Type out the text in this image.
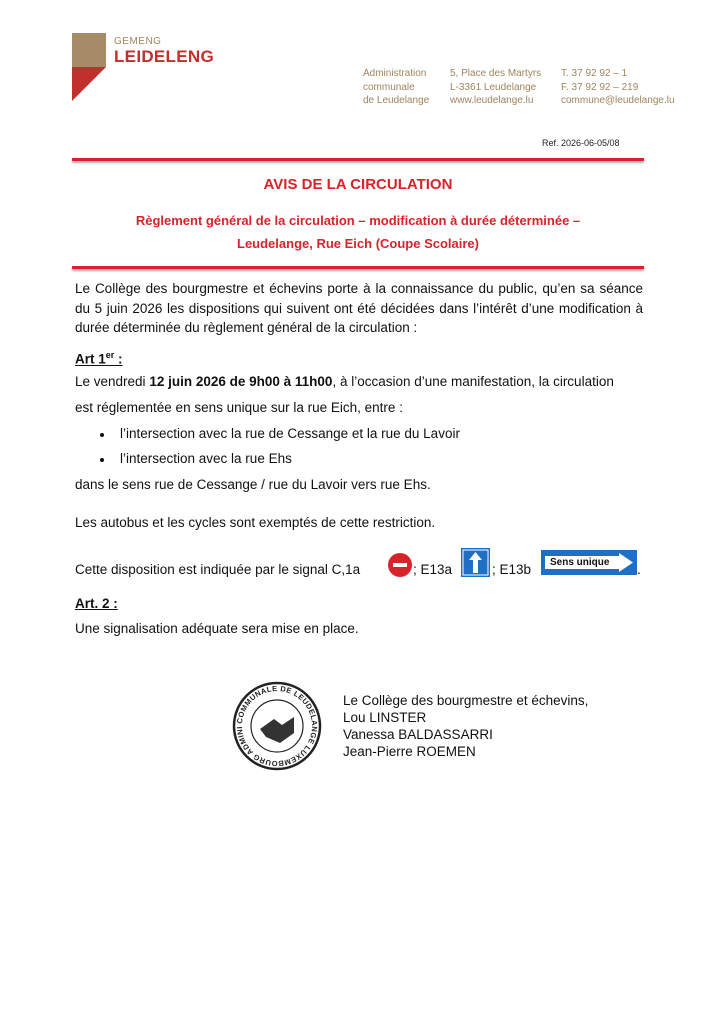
GEMENG
LEIDELENG
Administration
communale
de Leudelange
5, Place des Martyrs
L-3361 Leudelange
www.leudelange.lu
T. 37 92 92 – 1
F. 37 92 92 – 219
commune@leudelange.lu
Ref. 2026-06-05/08
AVIS DE LA CIRCULATION
Règlement général de la circulation – modification à durée déterminée –
Leudelange, Rue Eich (Coupe Scolaire)
Le Collège des bourgmestre et échevins porte à la connaissance du public, qu’en sa séance du 5 juin 2026 les dispositions qui suivent ont été décidées dans l’intérêt d’une modification à durée déterminée du règlement général de la circulation :
Art 1er :
Le vendredi 12 juin 2026 de 9h00 à 11h00, à l’occasion d’une manifestation, la circulation
est réglementée en sens unique sur la rue Eich, entre :
l’intersection avec la rue de Cessange et la rue du Lavoir
l’intersection avec la rue Ehs
dans le sens rue de Cessange / rue du Lavoir vers rue Ehs.
Les autobus et les cycles sont exemptés de cette restriction.
Cette disposition est indiquée par le signal C,1a	; E13a	; E13b Sens unique .
Art. 2 :
Une signalisation adéquate sera mise en place.
COMMUNALE DE LEUDELANGE LUXEMBOURG ADMINI
Le Collège des bourgmestre et échevins,
Lou LINSTER
Vanessa BALDASSARRI
Jean-Pierre ROEMEN
